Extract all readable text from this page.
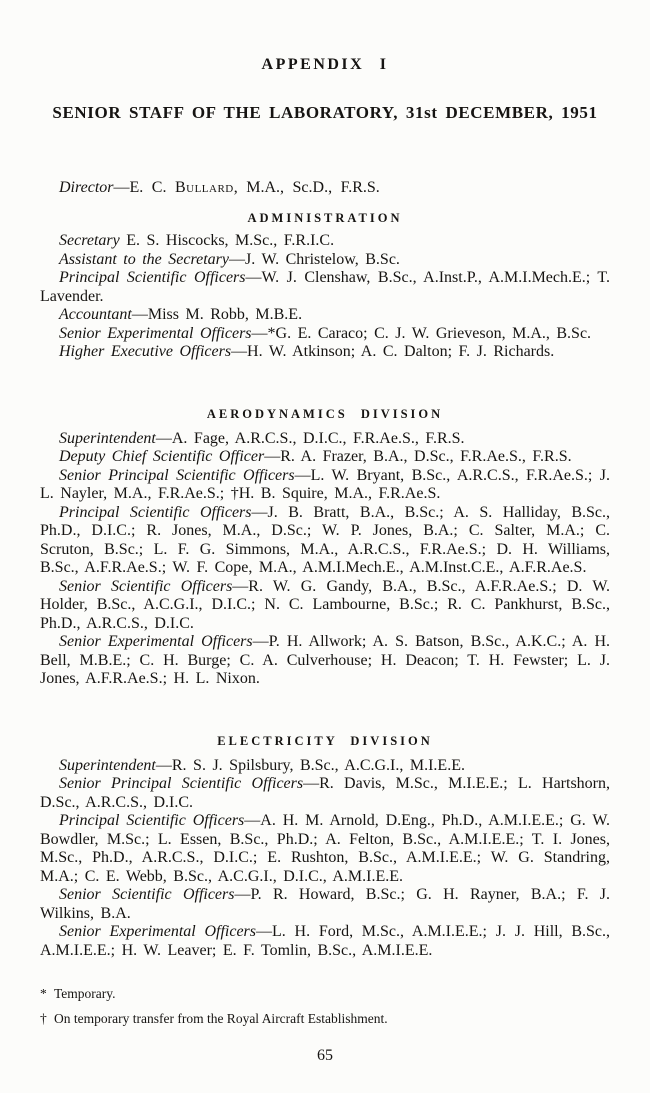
APPENDIX I
SENIOR STAFF OF THE LABORATORY, 31st DECEMBER, 1951

Director—E. C. Bullard, M.A., Sc.D., F.R.S.

ADMINISTRATION

Secretary E. S. Hiscocks, M.Sc., F.R.I.C.

Assistant to the Secretary—J. W. Christelow, B.Sc.

Principal Scientific Officers—W. J. Clenshaw, B.Sc., A.Inst.P., A.M.I.Mech.E.; T. Lavender.

Accountant—Miss M. Robb, M.B.E.

Senior Experimental Officers—*G. E. Caraco; C. J. W. Grieveson, M.A., B.Sc.

Higher Executive Officers—H. W. Atkinson; A. C. Dalton; F. J. Richards.

AERODYNAMICS DIVISION

Superintendent—A. Fage, A.R.C.S., D.I.C., F.R.Ae.S., F.R.S.

Deputy Chief Scientific Officer—R. A. Frazer, B.A., D.Sc., F.R.Ae.S., F.R.S.

Senior Principal Scientific Officers—L. W. Bryant, B.Sc., A.R.C.S., F.R.Ae.S.; J. L. Nayler, M.A., F.R.Ae.S.; †H. B. Squire, M.A., F.R.Ae.S.

Principal Scientific Officers—J. B. Bratt, B.A., B.Sc.; A. S. Halliday, B.Sc., Ph.D., D.I.C.; R. Jones, M.A., D.Sc.; W. P. Jones, B.A.; C. Salter, M.A.; C. Scruton, B.Sc.; L. F. G. Simmons, M.A., A.R.C.S., F.R.Ae.S.; D. H. Williams, B.Sc., A.F.R.Ae.S.; W. F. Cope, M.A., A.M.I.Mech.E., A.M.Inst.C.E., A.F.R.Ae.S.

Senior Scientific Officers—R. W. G. Gandy, B.A., B.Sc., A.F.R.Ae.S.; D. W. Holder, B.Sc., A.C.G.I., D.I.C.; N. C. Lambourne, B.Sc.; R. C. Pankhurst, B.Sc., Ph.D., A.R.C.S., D.I.C.

Senior Experimental Officers—P. H. Allwork; A. S. Batson, B.Sc., A.K.C.; A. H. Bell, M.B.E.; C. H. Burge; C. A. Culverhouse; H. Deacon; T. H. Fewster; L. J. Jones, A.F.R.Ae.S.; H. L. Nixon.

ELECTRICITY DIVISION

Superintendent—R. S. J. Spilsbury, B.Sc., A.C.G.I., M.I.E.E.

Senior Principal Scientific Officers—R. Davis, M.Sc., M.I.E.E.; L. Hartshorn, D.Sc., A.R.C.S., D.I.C.

Principal Scientific Officers—A. H. M. Arnold, D.Eng., Ph.D., A.M.I.E.E.; G. W. Bowdler, M.Sc.; L. Essen, B.Sc., Ph.D.; A. Felton, B.Sc., A.M.I.E.E.; T. I. Jones, M.Sc., Ph.D., A.R.C.S., D.I.C.; E. Rushton, B.Sc., A.M.I.E.E.; W. G. Standring, M.A.; C. E. Webb, B.Sc., A.C.G.I., D.I.C., A.M.I.E.E.

Senior Scientific Officers—P. R. Howard, B.Sc.; G. H. Rayner, B.A.; F. J. Wilkins, B.A.

Senior Experimental Officers—L. H. Ford, M.Sc., A.M.I.E.E.; J. J. Hill, B.Sc., A.M.I.E.E.; H. W. Leaver; E. F. Tomlin, B.Sc., A.M.I.E.E.

* Temporary.

† On temporary transfer from the Royal Aircraft Establishment.

65
